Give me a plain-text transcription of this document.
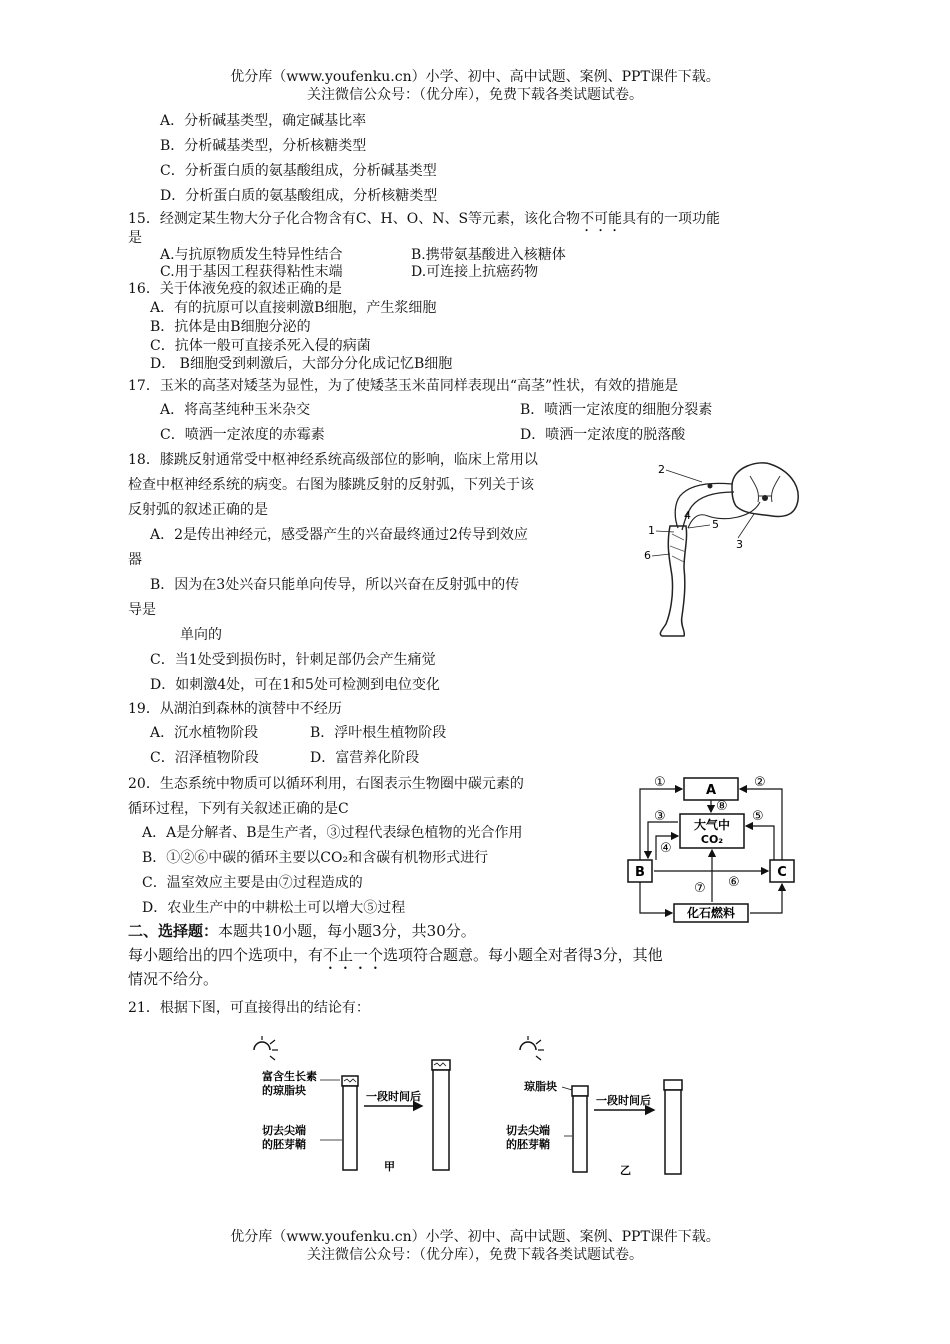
优分库（www.youfenku.cn）小学、初中、高中试题、案例、PPT课件下载。
关注微信公众号：（优分库），免费下载各类试题试卷。
A．分析碱基类型，确定碱基比率
B．分析碱基类型，分析核糖类型
C．分析蛋白质的氨基酸组成，分析碱基类型
D．分析蛋白质的氨基酸组成，分析核糖类型
15．经测定某生物大分子化合物含有C、H、O、N、S等元素，该化合物不可能具有的一项功能
是
A.与抗原物质发生特异性结合	B.携带氨基酸进入核糖体
C.用于基因工程获得粘性末端	D.可连接上抗癌药物
16．关于体液免疫的叙述正确的是
A．有的抗原可以直接刺激B细胞，产生浆细胞
B．抗体是由B细胞分泌的
C．抗体一般可直接杀死入侵的病菌
D． B细胞受到刺激后，大部分分化成记忆B细胞
17．玉米的高茎对矮茎为显性，为了使矮茎玉米苗同样表现出“高茎”性状，有效的措施是
A．将高茎纯种玉米杂交	B．喷洒一定浓度的细胞分裂素
C．喷洒一定浓度的赤霉素	D．喷洒一定浓度的脱落酸
18．膝跳反射通常受中枢神经系统高级部位的影响，临床上常用以
检查中枢神经系统的病变。右图为膝跳反射的反射弧，下列关于该
反射弧的叙述正确的是
A．2是传出神经元，感受器产生的兴奋最终通过2传导到效应
器
B．因为在3处兴奋只能单向传导，所以兴奋在反射弧中的传
导是
单向的
C．当1处受到损伤时，针刺足部仍会产生痛觉
D．如刺激4处，可在1和5处可检测到电位变化
2
4
1	5
3
6
19．从湖泊到森林的演替中不经历
A．沉水植物阶段	B．浮叶根生植物阶段
C．沼泽植物阶段	D．富营养化阶段
20．生态系统中物质可以循环利用，右图表示生物圈中碳元素的
循环过程，下列有关叙述正确的是C
A．A是分解者、B是生产者，③过程代表绿色植物的光合作用
B．①②⑥中碳的循环主要以CO₂和含碳有机物形式进行
C．温室效应主要是由⑦过程造成的
D．农业生产中的中耕松土可以增大⑤过程
A
大气中
CO₂
B	C
化石燃料
①	②
③
④
⑤
⑥
⑦
⑧
二、选择题：本题共10小题，每小题3分，共30分。
每小题给出的四个选项中，有不止一个选项符合题意。每小题全对者得3分，其他
情况不给分。
21．根据下图，可直接得出的结论有：
富含生长素
的琼脂块
切去尖端
的胚芽鞘
一段时间后
甲
琼脂块
切去尖端
的胚芽鞘
一段时间后
乙
优分库（www.youfenku.cn）小学、初中、高中试题、案例、PPT课件下载。
关注微信公众号：（优分库），免费下载各类试题试卷。
